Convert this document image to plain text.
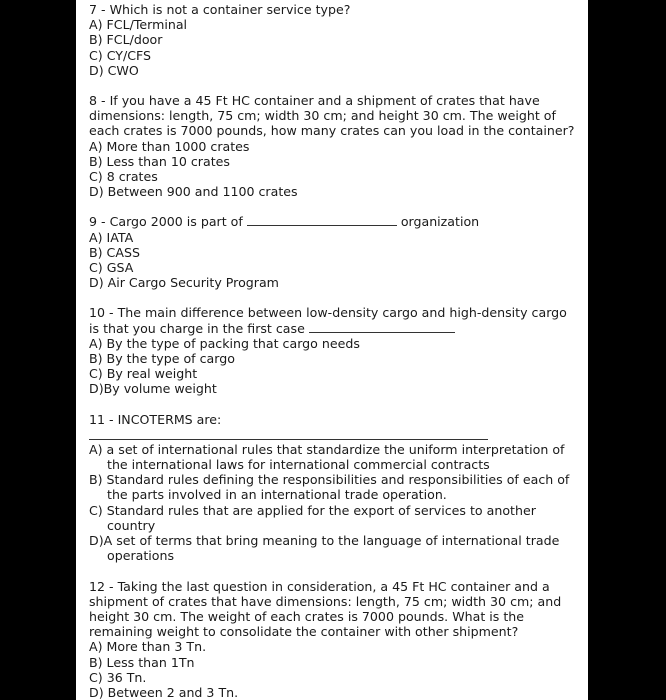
7 - Which is not a container service type?

A) FCL/Terminal

B) FCL/door

C) CY/CFS

D) CWO

8 - If you have a 45 Ft HC container and a shipment of crates that have

dimensions: length, 75 cm; width 30 cm; and height 30 cm. The weight of

each crates is 7000 pounds, how many crates can you load in the container?

A) More than 1000 crates

B) Less than 10 crates

C) 8 crates

D) Between 900 and 1100 crates

9 - Cargo 2000 is part of	organization

A) IATA

B) CASS

C) GSA

D) Air Cargo Security Program

10 - The main difference between low-density cargo and high-density cargo

is that you charge in the first case

A) By the type of packing that cargo needs

B) By the type of cargo

C) By real weight

D)By volume weight

11 - INCOTERMS are:

A) a set of international rules that standardize the uniform interpretation of the international laws for international commercial contracts

B) Standard rules defining the responsibilities and responsibilities of each of the parts involved in an international trade operation.

C) Standard rules that are applied for the export of services to another country

D)A set of terms that bring meaning to the language of international trade operations

12 - Taking the last question in consideration, a 45 Ft HC container and a

shipment of crates that have dimensions: length, 75 cm; width 30 cm; and

height 30 cm. The weight of each crates is 7000 pounds. What is the

remaining weight to consolidate the container with other shipment?

A) More than 3 Tn.

B) Less than 1Tn

C) 36 Tn.

D) Between 2 and 3 Tn.
